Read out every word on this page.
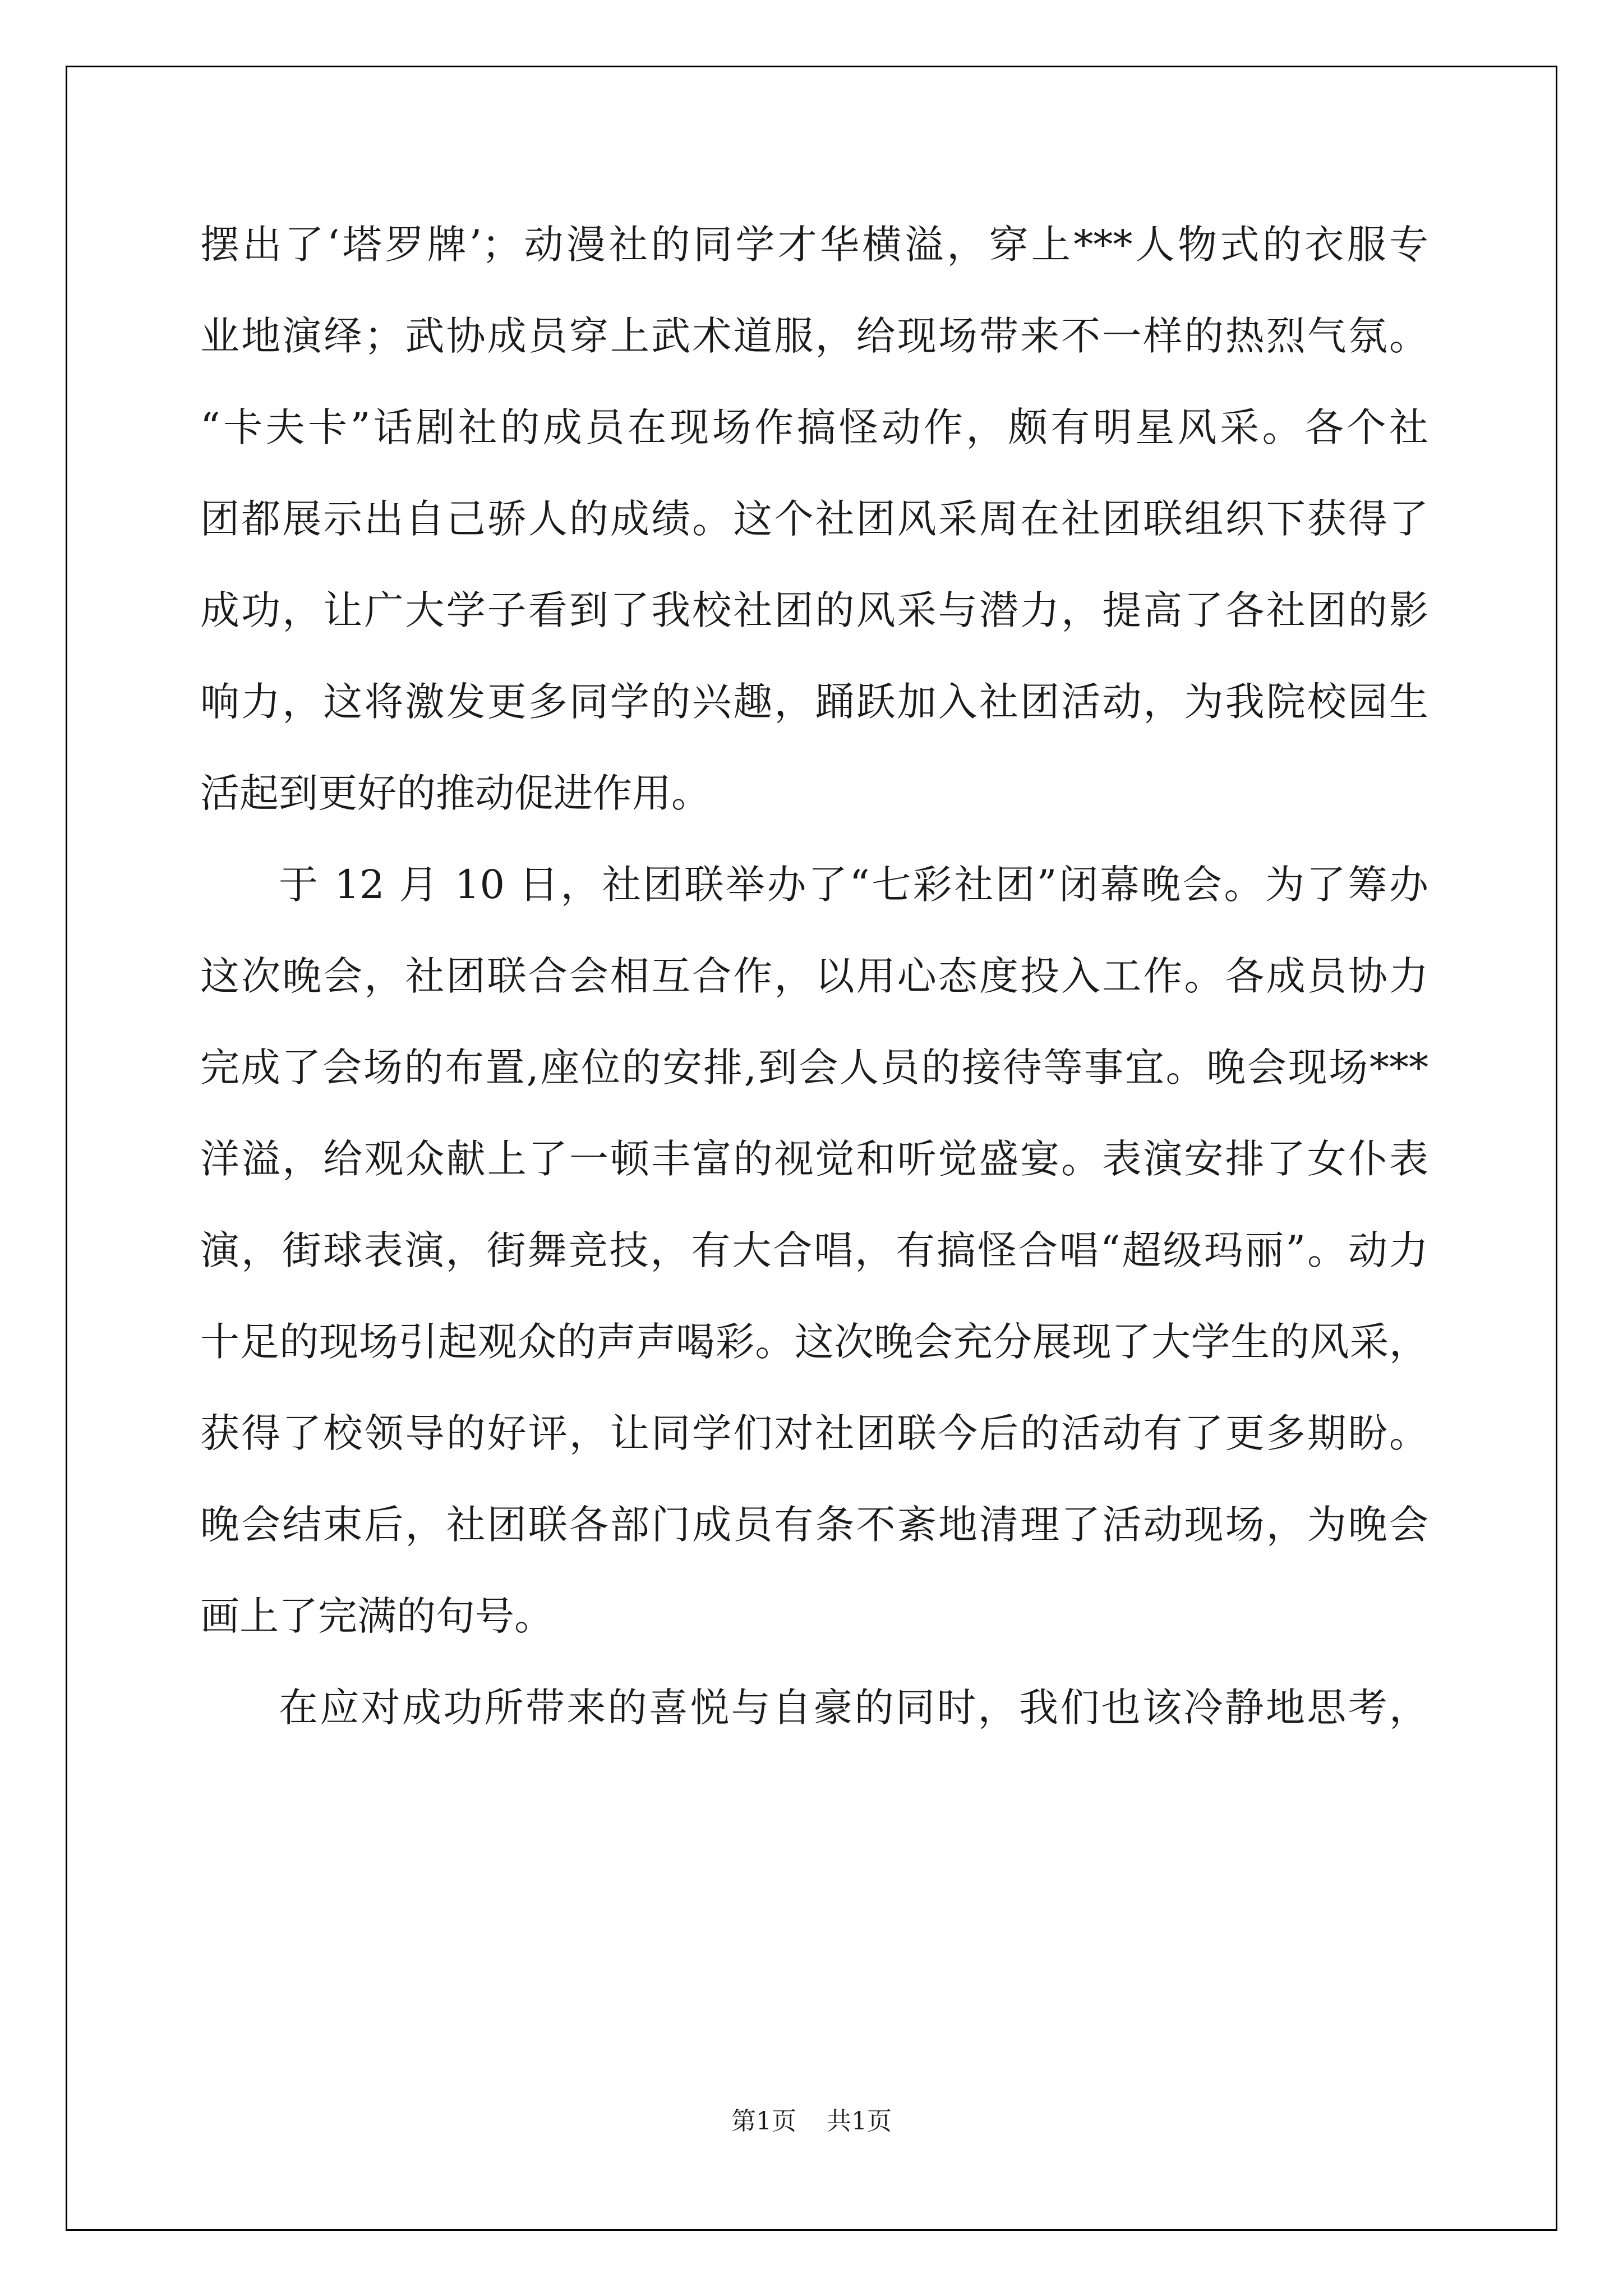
摆出了‘塔罗牌’；动漫社的同学才华横溢，穿上***人物式的衣服专
业地演绎；武协成员穿上武术道服，给现场带来不一样的热烈气氛。
“卡夫卡”话剧社的成员在现场作搞怪动作，颇有明星风采。各个社
团都展示出自己骄人的成绩。这个社团风采周在社团联组织下获得了
成功，让广大学子看到了我校社团的风采与潜力，提高了各社团的影
响力，这将激发更多同学的兴趣，踊跃加入社团活动，为我院校园生
活起到更好的推动促进作用。
于 12 月 10 日，社团联举办了“七彩社团”闭幕晚会。为了筹办
这次晚会，社团联合会相互合作，以用心态度投入工作。各成员协力
完成了会场的布置,座位的安排,到会人员的接待等事宜。晚会现场***
洋溢，给观众献上了一顿丰富的视觉和听觉盛宴。表演安排了女仆表
演，街球表演，街舞竞技，有大合唱，有搞怪合唱“超级玛丽”。动力
十足的现场引起观众的声声喝彩。这次晚会充分展现了大学生的风采，
获得了校领导的好评，让同学们对社团联今后的活动有了更多期盼。
晚会结束后，社团联各部门成员有条不紊地清理了活动现场，为晚会
画上了完满的句号。
在应对成功所带来的喜悦与自豪的同时，我们也该冷静地思考，
第1页 共1页
